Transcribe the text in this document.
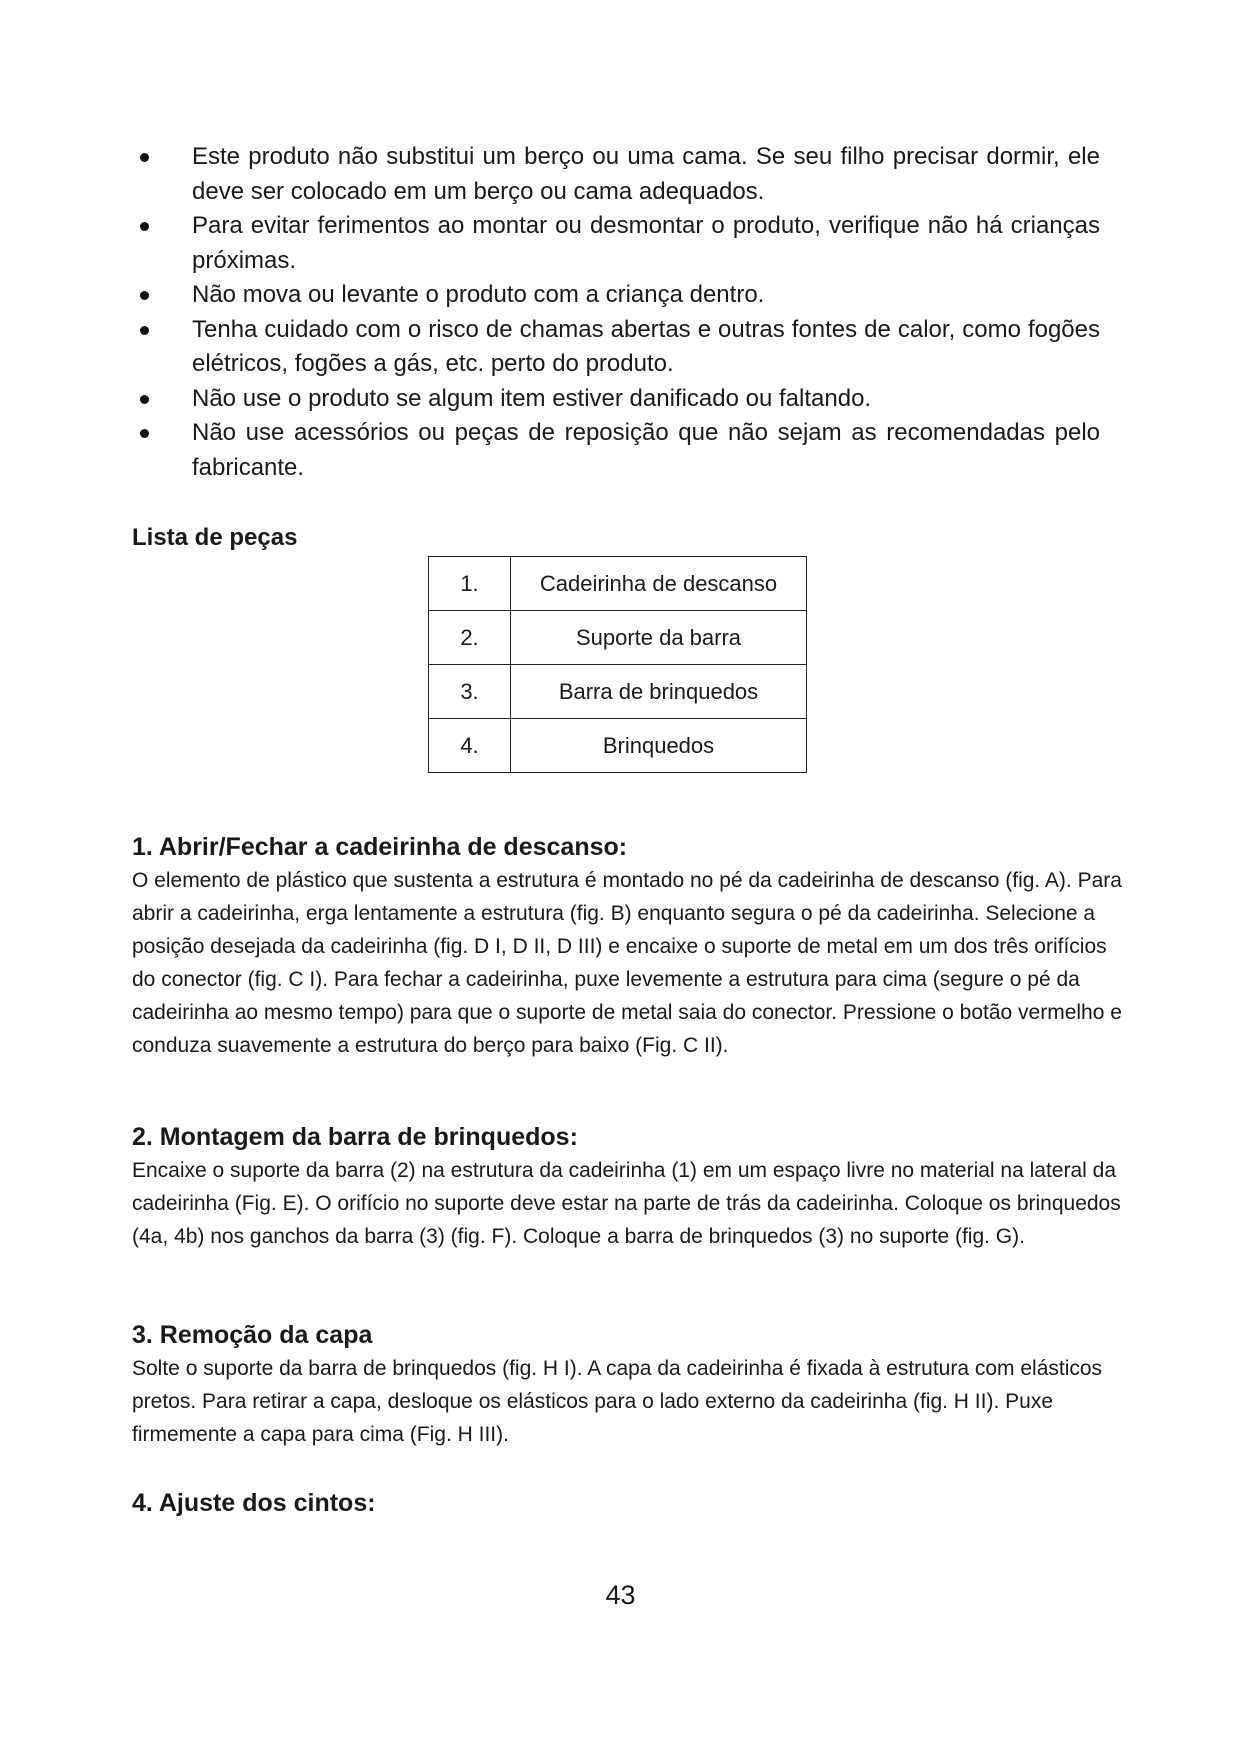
Este produto não substitui um berço ou uma cama. Se seu filho precisar dormir, ele deve ser colocado em um berço ou cama adequados.
Para evitar ferimentos ao montar ou desmontar o produto, verifique não há crianças próximas.
Não mova ou levante o produto com a criança dentro.
Tenha cuidado com o risco de chamas abertas e outras fontes de calor, como fogões elétricos, fogões a gás, etc. perto do produto.
Não use o produto se algum item estiver danificado ou faltando.
Não use acessórios ou peças de reposição que não sejam as recomendadas pelo fabricante.
Lista de peças
1.	Cadeirinha de descanso
2.	Suporte da barra
3.	Barra de brinquedos
4.	Brinquedos
1. Abrir/Fechar a cadeirinha de descanso:

O elemento de plástico que sustenta a estrutura é montado no pé da cadeirinha de descanso (fig. A). Para abrir a cadeirinha, erga lentamente a estrutura (fig. B) enquanto segura o pé da cadeirinha. Selecione a posição desejada da cadeirinha (fig. D I, D II, D III) e encaixe o suporte de metal em um dos três orifícios do conector (fig. C I). Para fechar a cadeirinha, puxe levemente a estrutura para cima (segure o pé da cadeirinha ao mesmo tempo) para que o suporte de metal saia do conector. Pressione o botão vermelho e conduza suavemente a estrutura do berço para baixo (Fig. C II).

2. Montagem da barra de brinquedos:

Encaixe o suporte da barra (2) na estrutura da cadeirinha (1) em um espaço livre no material na lateral da cadeirinha (Fig. E). O orifício no suporte deve estar na parte de trás da cadeirinha. Coloque os brinquedos (4a, 4b) nos ganchos da barra (3) (fig. F). Coloque a barra de brinquedos (3) no suporte (fig. G).

3. Remoção da capa

Solte o suporte da barra de brinquedos (fig. H I). A capa da cadeirinha é fixada à estrutura com elásticos pretos. Para retirar a capa, desloque os elásticos para o lado externo da cadeirinha (fig. H II). Puxe firmemente a capa para cima (Fig. H III).

4. Ajuste dos cintos:
43
